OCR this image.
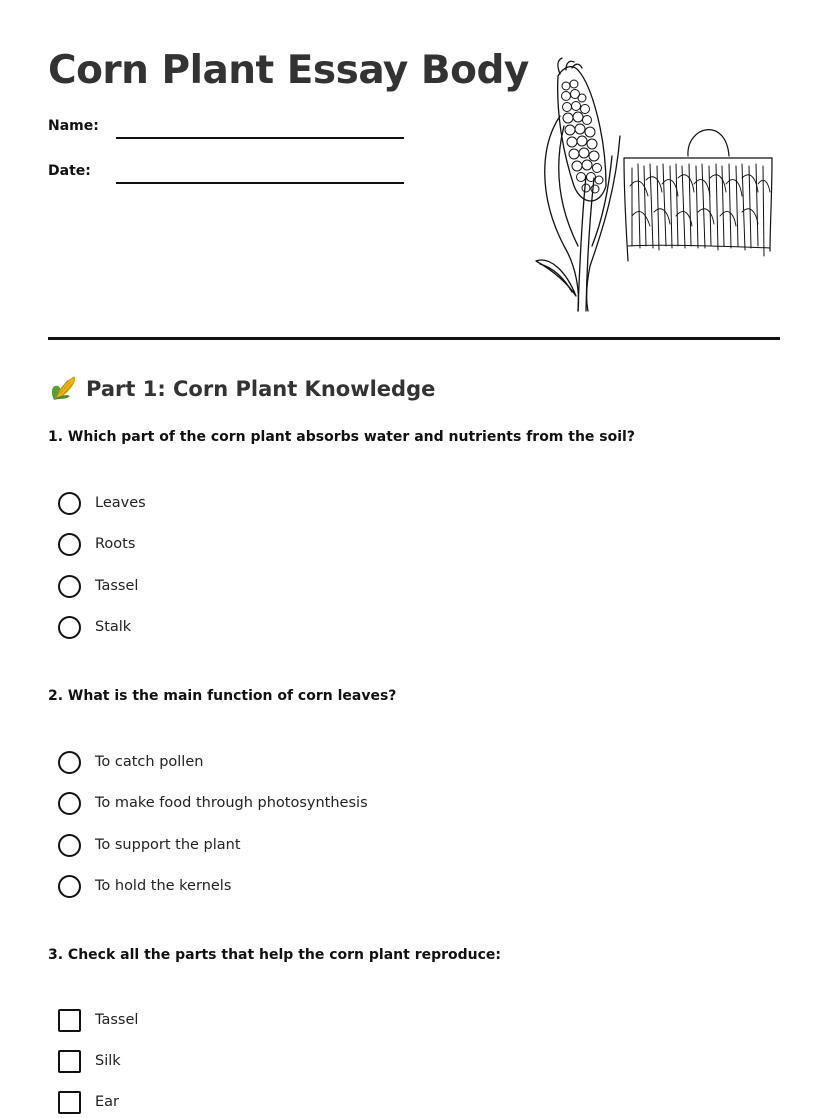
Corn Plant Essay Body
Name:
Date:
Part 1: Corn Plant Knowledge
1. Which part of the corn plant absorbs water and nutrients from the soil?
Leaves
Roots
Tassel
Stalk
2. What is the main function of corn leaves?
To catch pollen
To make food through photosynthesis
To support the plant
To hold the kernels
3. Check all the parts that help the corn plant reproduce:
Tassel
Silk
Ear
